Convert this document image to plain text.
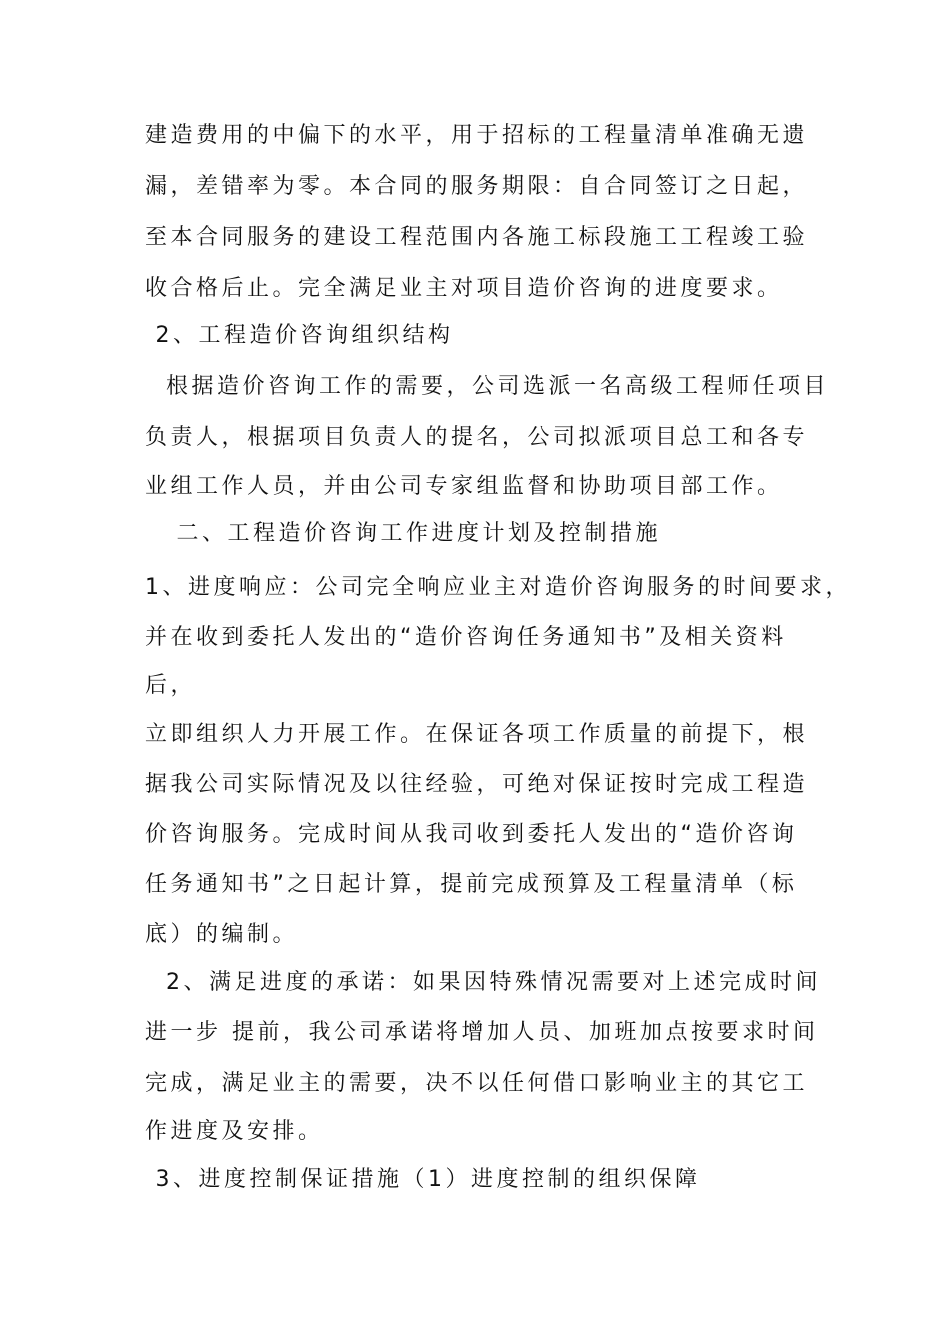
建造费用的中偏下的水平，用于招标的工程量清单准确无遗
漏，差错率为零。本合同的服务期限：自合同签订之日起，
至本合同服务的建设工程范围内各施工标段施工工程竣工验
收合格后止。完全满足业主对项目造价咨询的进度要求。
2、工程造价咨询组织结构
根据造价咨询工作的需要，公司选派一名高级工程师任项目
负责人，根据项目负责人的提名，公司拟派项目总工和各专
业组工作人员，并由公司专家组监督和协助项目部工作。
二、工程造价咨询工作进度计划及控制措施
1、进度响应：公司完全响应业主对造价咨询服务的时间要求，
并在收到委托人发出的“造价咨询任务通知书”及相关资料
后，
立即组织人力开展工作。在保证各项工作质量的前提下，根
据我公司实际情况及以往经验，可绝对保证按时完成工程造
价咨询服务。完成时间从我司收到委托人发出的“造价咨询
任务通知书”之日起计算，提前完成预算及工程量清单（标
底）的编制。
2、满足进度的承诺：如果因特殊情况需要对上述完成时间
进一步 提前，我公司承诺将增加人员、加班加点按要求时间
完成，满足业主的需要，决不以任何借口影响业主的其它工
作进度及安排。
3、进度控制保证措施（1）进度控制的组织保障
